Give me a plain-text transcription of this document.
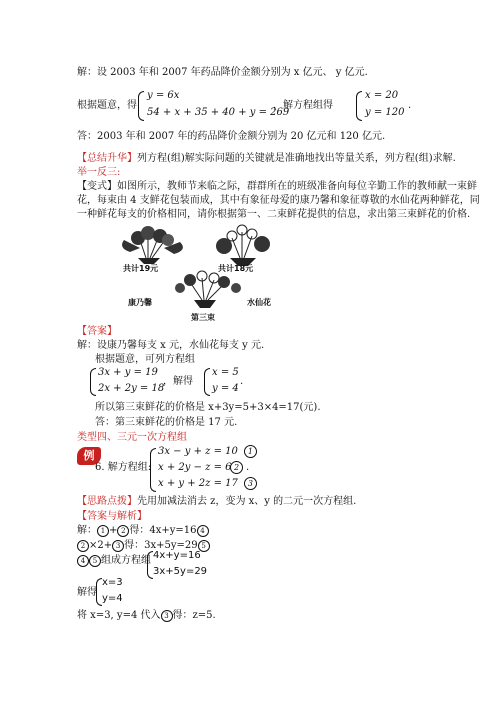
解：设 2003 年和 2007 年药品降价金额分别为 x 亿元、 y 亿元.
根据题意，得
y = 6x
54 + x + 35 + 40 + y = 269
，解方程组得
x = 20
y = 120
.
答：2003 年和 2007 年的药品降价金额分别为 20 亿元和 120 亿元.
【总结升华】列方程(组)解实际问题的关键就是准确地找出等量关系，列方程(组)求解.
举一反三:
【变式】如图所示，教师节来临之际，群群所在的班级准备向每位辛勤工作的教师献一束鲜
花，每束由 4 支鲜花包装而成，其中有象征母爱的康乃馨和象征尊敬的水仙花两种鲜花，同
一种鲜花每支的价格相同，请你根据第一、二束鲜花提供的信息，求出第三束鲜花的价格.
共计19元	共计18元
康乃馨	水仙花
第三束
【答案】
解：设康乃馨每支 x 元，水仙花每支 y 元.
根据题意，可列方程组
3x + y = 19
2x + 2y = 18
，解得
x = 5
y = 4
.
所以第三束鲜花的价格是 x+3y=5+3×4=17(元).
答：第三束鲜花的价格是 17 元.
类型四、三元一次方程组
例
6. 解方程组:
3x − y + z = 10 1
x + 2y − z = 6 2
x + y + 2z = 17 3
.
【思路点拨】先用加减法消去 z，变为 x、y 的二元一次方程组.
【答案与解析】
解： 1 + 2 得：4x+y=16 4
2 ×2+ 3 得：3x+5y=29 5
4 5 组成方程组 4x+y=16
3x+5y=29
解得
x=3
y=4
将 x=3, y=4 代入 3 得：z=5.
